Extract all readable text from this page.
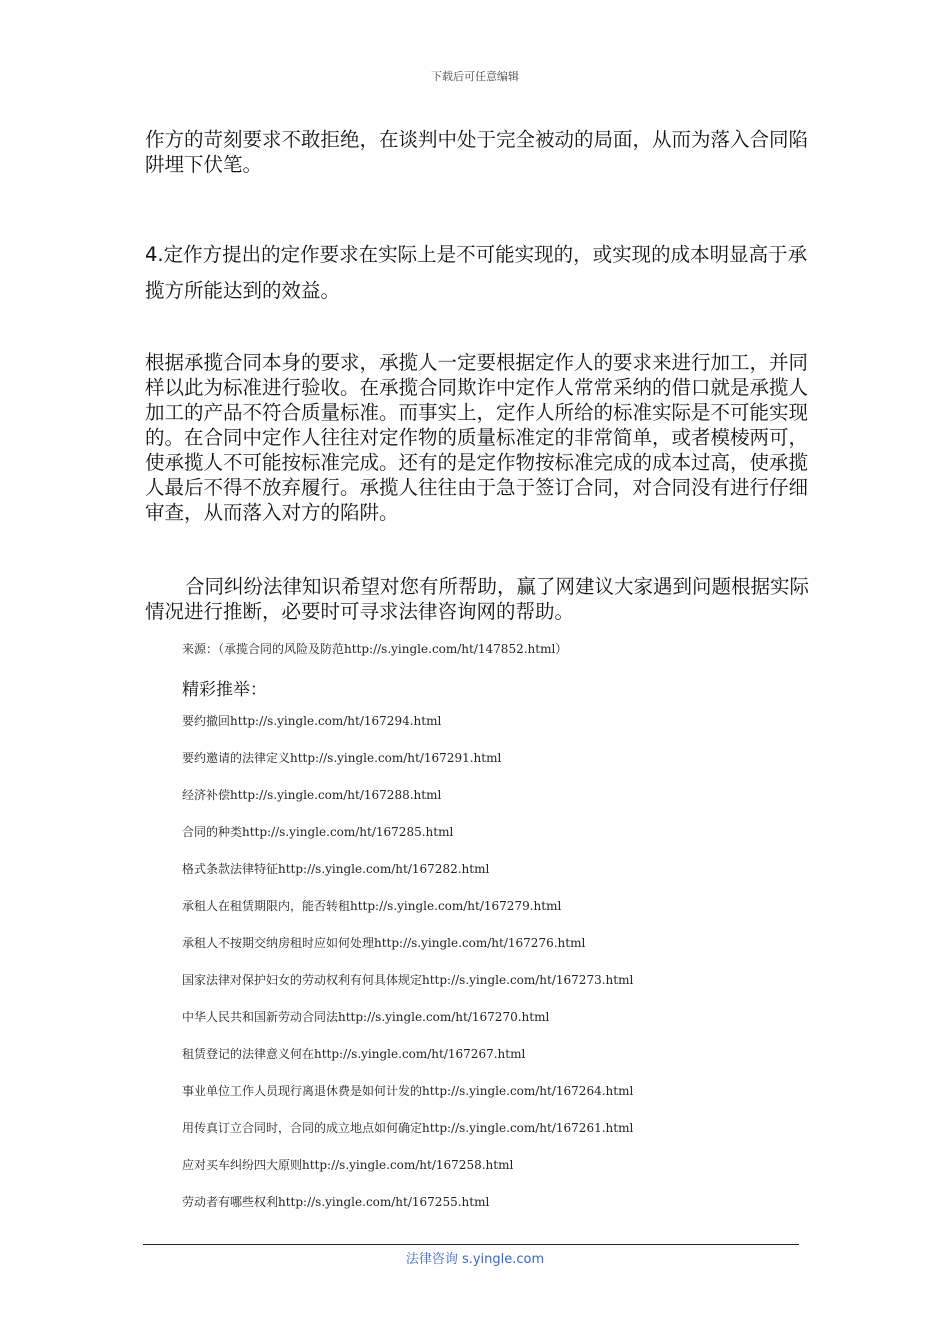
下载后可任意编辑

作方的苛刻要求不敢拒绝，在谈判中处于完全被动的局面，从而为落入合同陷阱埋下伏笔。

4.定作方提出的定作要求在实际上是不可能实现的，或实现的成本明显高于承揽方所能达到的效益。

根据承揽合同本身的要求，承揽人一定要根据定作人的要求来进行加工，并同样以此为标准进行验收。在承揽合同欺诈中定作人常常采纳的借口就是承揽人加工的产品不符合质量标准。而事实上，定作人所给的标准实际是不可能实现的。在合同中定作人往往对定作物的质量标准定的非常简单，或者模棱两可，使承揽人不可能按标准完成。还有的是定作物按标准完成的成本过高，使承揽人最后不得不放弃履行。承揽人往往由于急于签订合同，对合同没有进行仔细审查，从而落入对方的陷阱。

合同纠纷法律知识希望对您有所帮助，赢了网建议大家遇到问题根据实际情况进行推断，必要时可寻求法律咨询网的帮助。

来源：（承揽合同的风险及防范http://s.yingle.com/ht/147852.html）
精彩推举：
要约撤回http://s.yingle.com/ht/167294.html
要约邀请的法律定义http://s.yingle.com/ht/167291.html
经济补偿http://s.yingle.com/ht/167288.html
合同的种类http://s.yingle.com/ht/167285.html
格式条款法律特征http://s.yingle.com/ht/167282.html
承租人在租赁期限内，能否转租http://s.yingle.com/ht/167279.html
承租人不按期交纳房租时应如何处理http://s.yingle.com/ht/167276.html
国家法律对保护妇女的劳动权利有何具体规定http://s.yingle.com/ht/167273.html
中华人民共和国新劳动合同法http://s.yingle.com/ht/167270.html
租赁登记的法律意义何在http://s.yingle.com/ht/167267.html
事业单位工作人员现行离退休费是如何计发的http://s.yingle.com/ht/167264.html
用传真订立合同时，合同的成立地点如何确定http://s.yingle.com/ht/167261.html
应对买车纠纷四大原则http://s.yingle.com/ht/167258.html
劳动者有哪些权利http://s.yingle.com/ht/167255.html
法律咨询 s.yingle.com
